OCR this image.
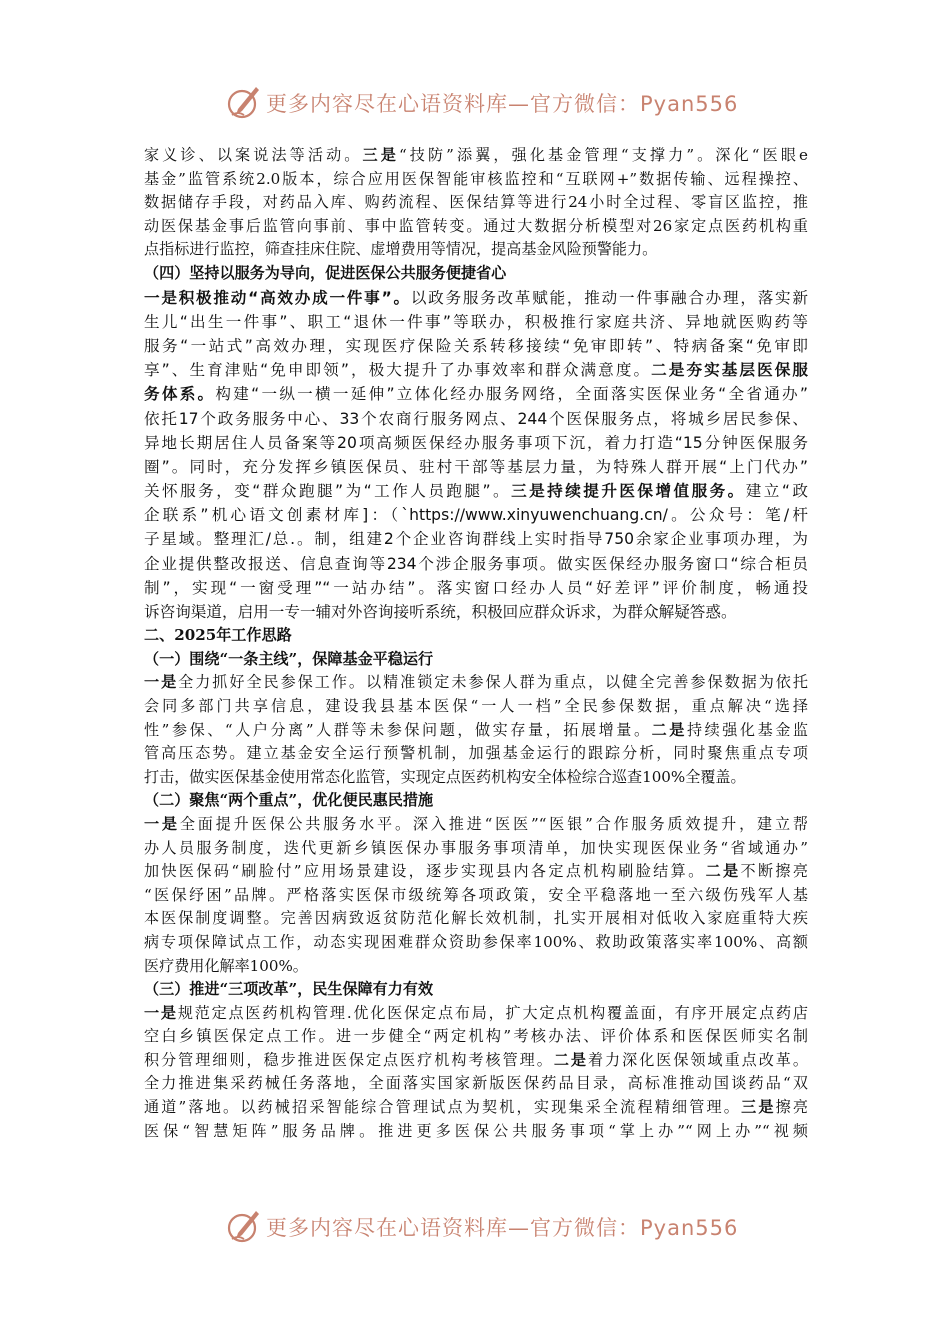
更多内容尽在心语资料库—官方微信：Pyan556
家义诊、以案说法等活动。三是“技防”添翼，强化基金管理“支撑力”。深化“医眼e
基金”监管系统2.0版本，综合应用医保智能审核监控和“互联网+”数据传输、远程操控、
数据储存手段，对药品入库、购药流程、医保结算等进行24小时全过程、零盲区监控，推
动医保基金事后监管向事前、事中监管转变。通过大数据分析模型对26家定点医药机构重
点指标进行监控，筛查挂床住院、虚增费用等情况，提高基金风险预警能力。
（四）坚持以服务为导向，促进医保公共服务便捷省心
一是积极推动“高效办成一件事”。以政务服务改革赋能，推动一件事融合办理，落实新
生儿“出生一件事”、职工“退休一件事”等联办，积极推行家庭共济、异地就医购药等
服务“一站式”高效办理，实现医疗保险关系转移接续“免审即转”、特病备案“免审即
享”、生育津贴“免申即领”，极大提升了办事效率和群众满意度。二是夯实基层医保服
务体系。构建“一纵一横一延伸”立体化经办服务网络，全面落实医保业务“全省通办”
依托17个政务服务中心、33个农商行服务网点、244个医保服务点，将城乡居民参保、
异地长期居住人员备案等20项高频医保经办服务事项下沉，着力打造“15分钟医保服务
圈”。同时，充分发挥乡镇医保员、驻村干部等基层力量，为特殊人群开展“上门代办”
关怀服务，变“群众跑腿”为“工作人员跑腿”。三是持续提升医保增值服务。建立“政
企联系”机心语文创素材库]：（`https://www.xinyuwenchuang.cn/。公众号：笔/杆
子星域。整理汇/总.。制，组建2个企业咨询群线上实时指导750余家企业事项办理，为
企业提供整改报送、信息查询等234个涉企服务事项。做实医保经办服务窗口“综合柜员
制”，实现“一窗受理”“一站办结”。落实窗口经办人员“好差评”评价制度，畅通投
诉咨询渠道，启用一专一辅对外咨询接听系统，积极回应群众诉求，为群众解疑答惑。
二、2025年工作思路
（一）围绕“一条主线”，保障基金平稳运行
一是全力抓好全民参保工作。以精准锁定未参保人群为重点，以健全完善参保数据为依托
会同多部门共享信息，建设我县基本医保“一人一档”全民参保数据，重点解决“选择
性”参保、“人户分离”人群等未参保问题，做实存量，拓展增量。二是持续强化基金监
管高压态势。建立基金安全运行预警机制，加强基金运行的跟踪分析，同时聚焦重点专项
打击，做实医保基金使用常态化监管，实现定点医药机构安全体检综合巡查100%全覆盖。
（二）聚焦“两个重点”，优化便民惠民措施
一是全面提升医保公共服务水平。深入推进“医医”“医银”合作服务质效提升，建立帮
办人员服务制度，迭代更新乡镇医保办事服务事项清单，加快实现医保业务“省域通办”
加快医保码“刷脸付”应用场景建设，逐步实现县内各定点机构刷脸结算。二是不断擦亮
“医保纾困”品牌。严格落实医保市级统筹各项政策，安全平稳落地一至六级伤残军人基
本医保制度调整。完善因病致返贫防范化解长效机制，扎实开展相对低收入家庭重特大疾
病专项保障试点工作，动态实现困难群众资助参保率100%、救助政策落实率100%、高额
医疗费用化解率100%。
（三）推进“三项改革”，民生保障有力有效
一是规范定点医药机构管理.优化医保定点布局，扩大定点机构覆盖面，有序开展定点药店
空白乡镇医保定点工作。进一步健全“两定机构”考核办法、评价体系和医保医师实名制
积分管理细则，稳步推进医保定点医疗机构考核管理。二是着力深化医保领域重点改革。
全力推进集采药械任务落地，全面落实国家新版医保药品目录，高标准推动国谈药品“双
通道”落地。以药械招采智能综合管理试点为契机，实现集采全流程精细管理。三是擦亮
医保“智慧矩阵”服务品牌。推进更多医保公共服务事项“掌上办”“网上办”“视频
更多内容尽在心语资料库—官方微信：Pyan556
